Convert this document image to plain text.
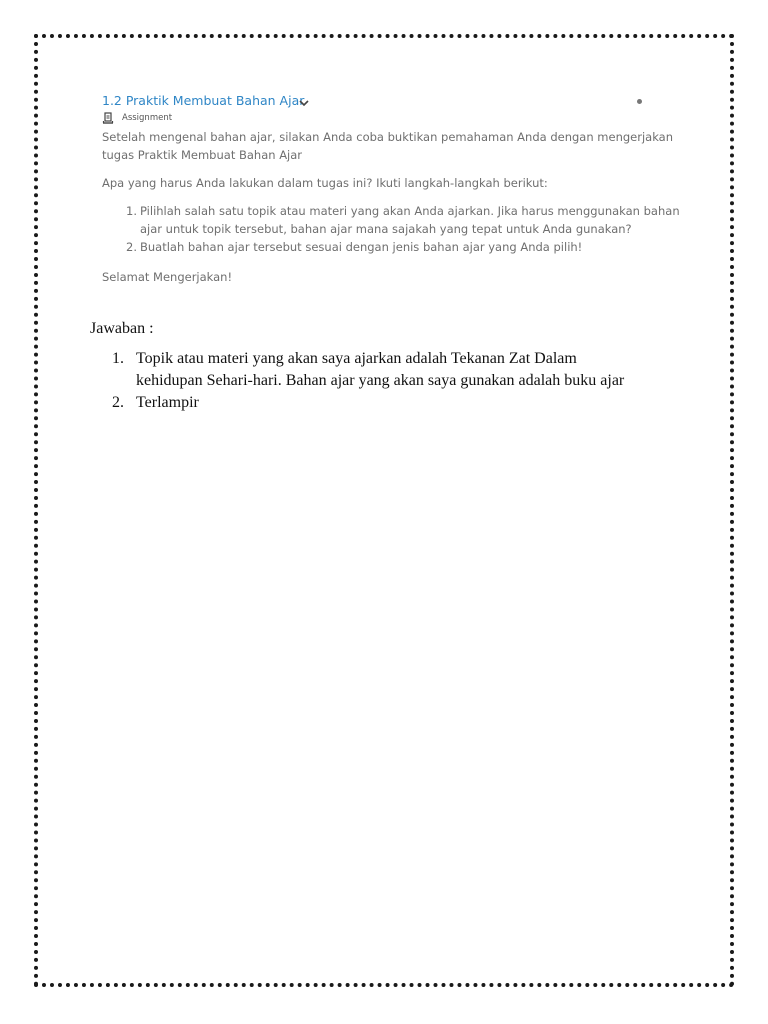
1.2 Praktik Membuat Bahan Ajar
Assignment
Setelah mengenal bahan ajar, silakan Anda coba buktikan pemahaman Anda dengan mengerjakan
tugas Praktik Membuat Bahan Ajar
Apa yang harus Anda lakukan dalam tugas ini? Ikuti langkah-langkah berikut:
1. Pilihlah salah satu topik atau materi yang akan Anda ajarkan. Jika harus menggunakan bahan
ajar untuk topik tersebut, bahan ajar mana sajakah yang tepat untuk Anda gunakan?
2. Buatlah bahan ajar tersebut sesuai dengan jenis bahan ajar yang Anda pilih!
Selamat Mengerjakan!
Jawaban :
1. Topik atau materi yang akan saya ajarkan adalah Tekanan Zat Dalam
kehidupan Sehari-hari. Bahan ajar yang akan saya gunakan adalah buku ajar
2. Terlampir
